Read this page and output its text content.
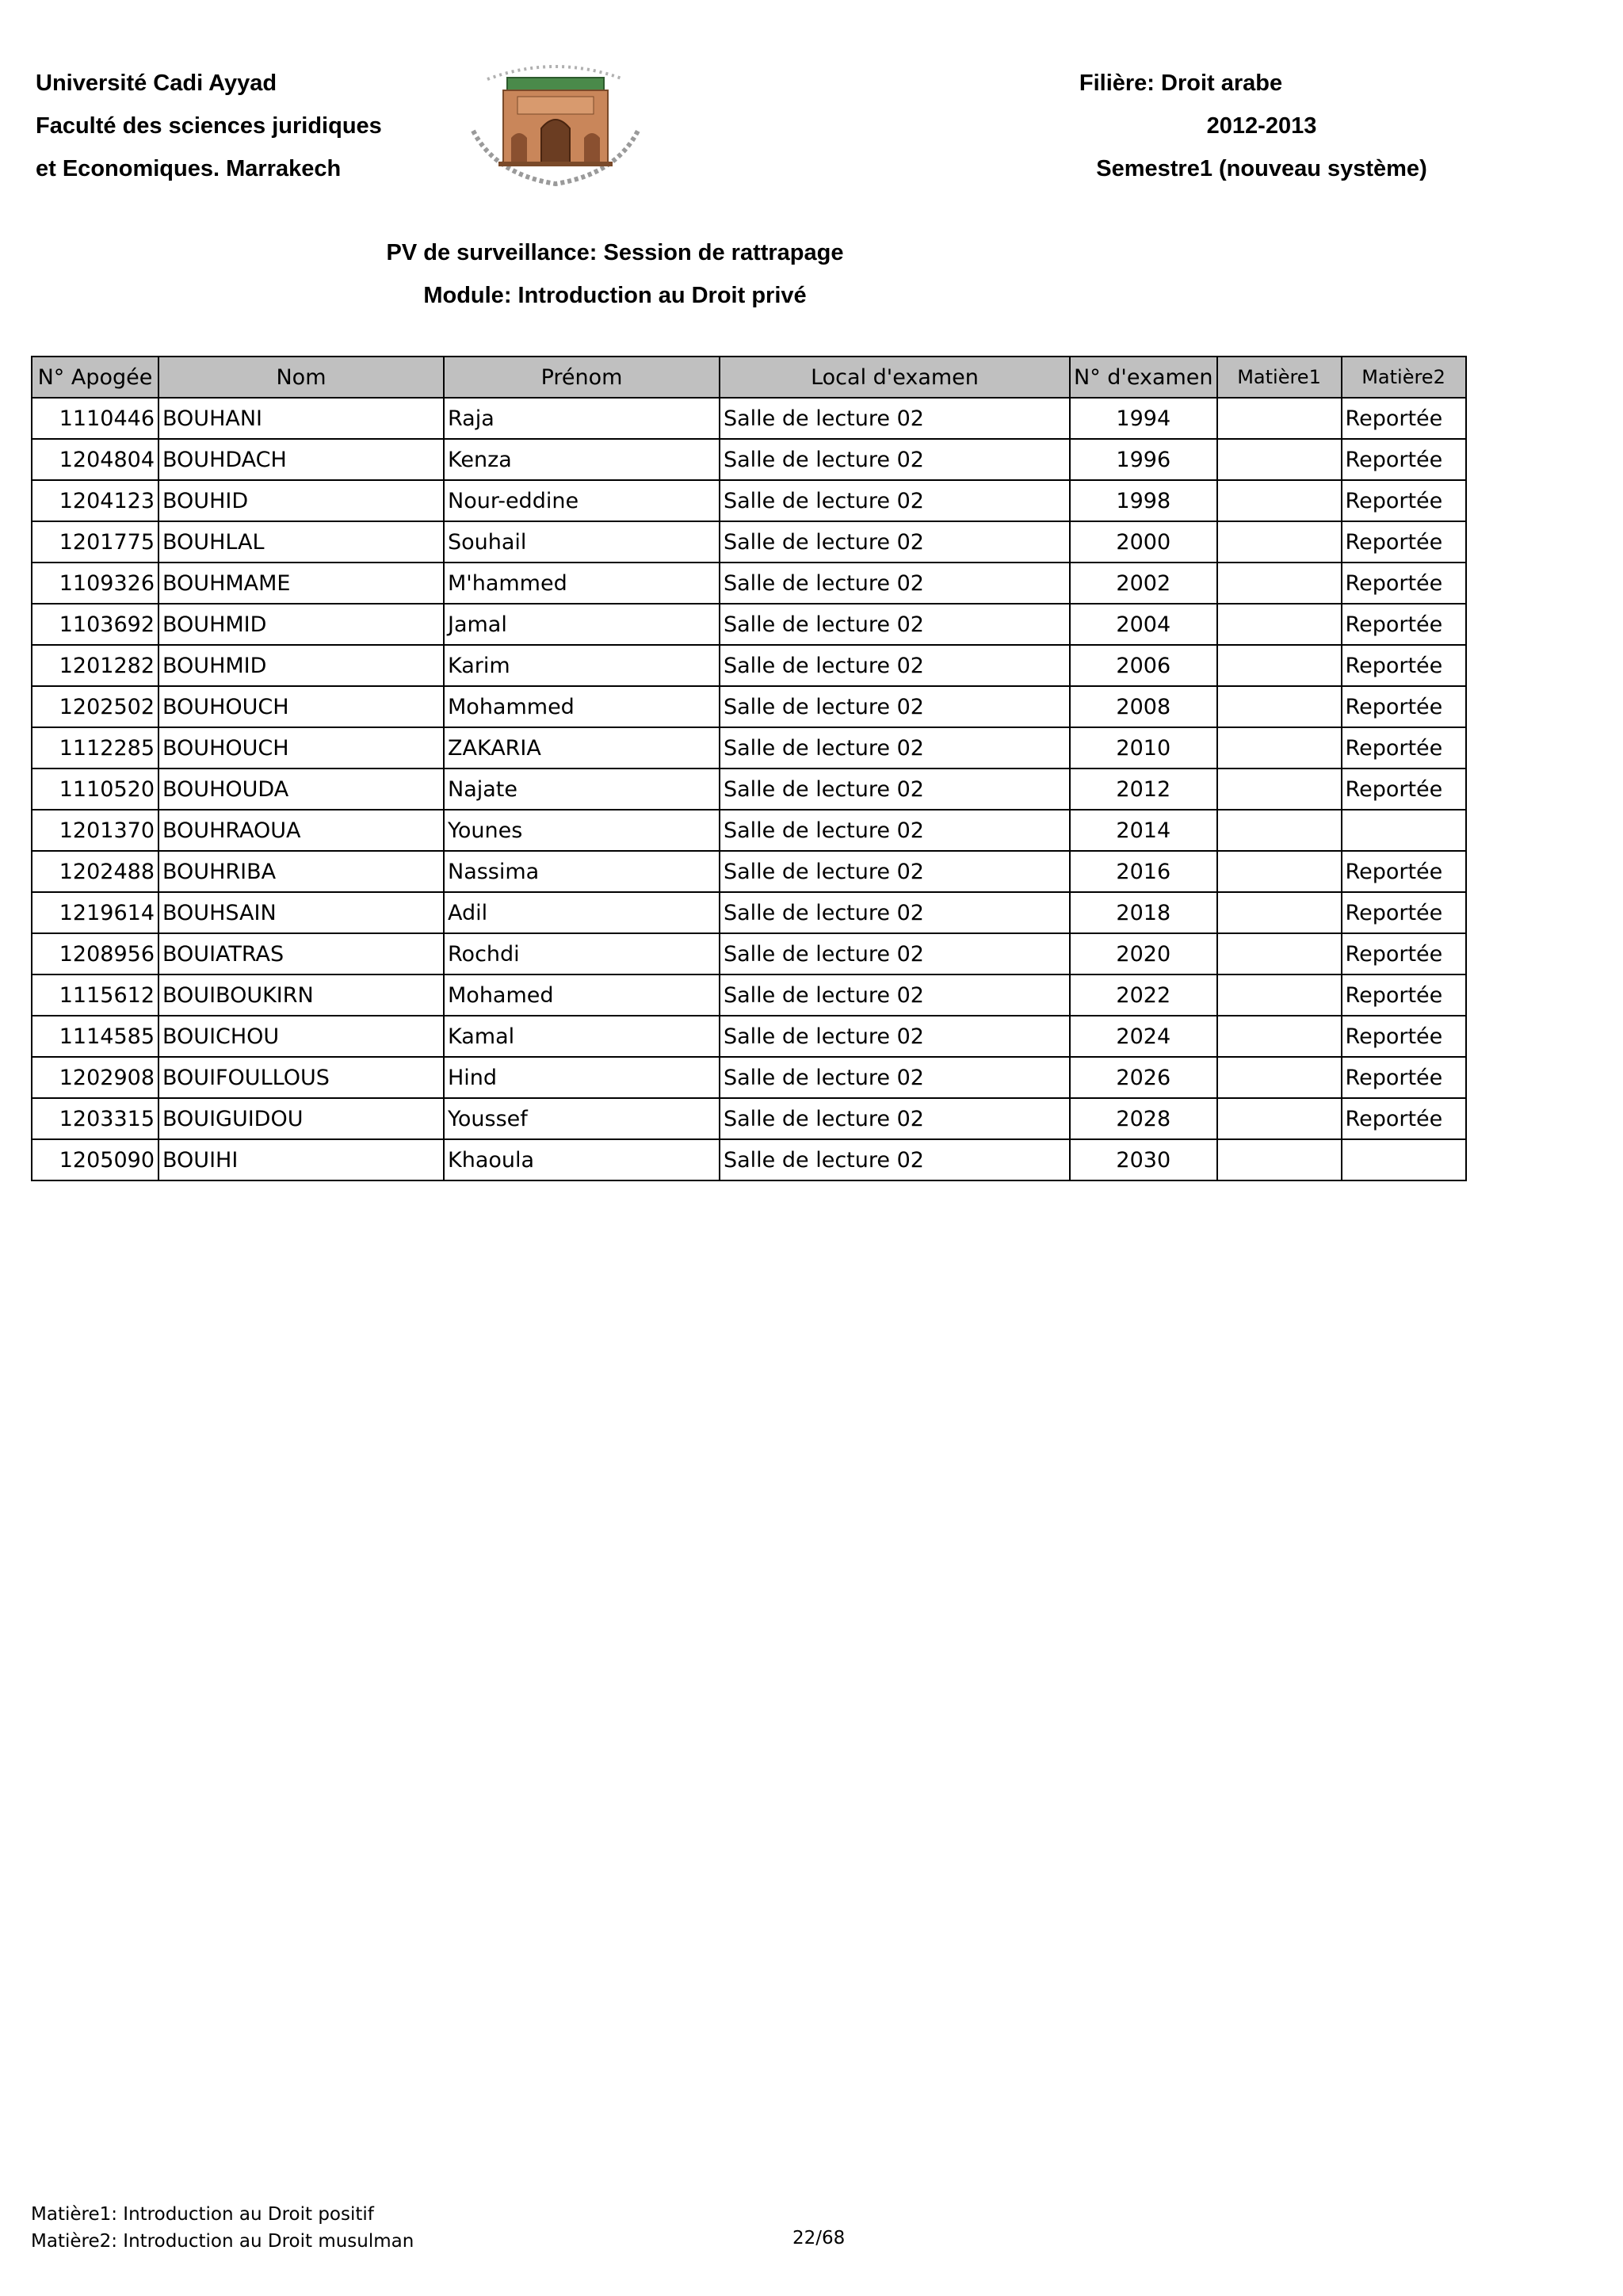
Université Cadi Ayyad
Faculté des sciences juridiques
et Economiques. Marrakech
Filière: Droit arabe
2012-2013
Semestre1 (nouveau système)
PV de surveillance: Session de rattrapage
Module: Introduction au Droit privé
N° Apogée	Nom	Prénom	Local d'examen	N° d'examen	Matière1	Matière2
1110446	BOUHANI	Raja	Salle de lecture 02	1994		Reportée
1204804	BOUHDACH	Kenza	Salle de lecture 02	1996		Reportée
1204123	BOUHID	Nour-eddine	Salle de lecture 02	1998		Reportée
1201775	BOUHLAL	Souhail	Salle de lecture 02	2000		Reportée
1109326	BOUHMAME	M'hammed	Salle de lecture 02	2002		Reportée
1103692	BOUHMID	Jamal	Salle de lecture 02	2004		Reportée
1201282	BOUHMID	Karim	Salle de lecture 02	2006		Reportée
1202502	BOUHOUCH	Mohammed	Salle de lecture 02	2008		Reportée
1112285	BOUHOUCH	ZAKARIA	Salle de lecture 02	2010		Reportée
1110520	BOUHOUDA	Najate	Salle de lecture 02	2012		Reportée
1201370	BOUHRAOUA	Younes	Salle de lecture 02	2014		
1202488	BOUHRIBA	Nassima	Salle de lecture 02	2016		Reportée
1219614	BOUHSAIN	Adil	Salle de lecture 02	2018		Reportée
1208956	BOUIATRAS	Rochdi	Salle de lecture 02	2020		Reportée
1115612	BOUIBOUKIRN	Mohamed	Salle de lecture 02	2022		Reportée
1114585	BOUICHOU	Kamal	Salle de lecture 02	2024		Reportée
1202908	BOUIFOULLOUS	Hind	Salle de lecture 02	2026		Reportée
1203315	BOUIGUIDOU	Youssef	Salle de lecture 02	2028		Reportée
1205090	BOUIHI	Khaoula	Salle de lecture 02	2030		
Matière1: Introduction au Droit positif
Matière2: Introduction au Droit musulman	22/68
